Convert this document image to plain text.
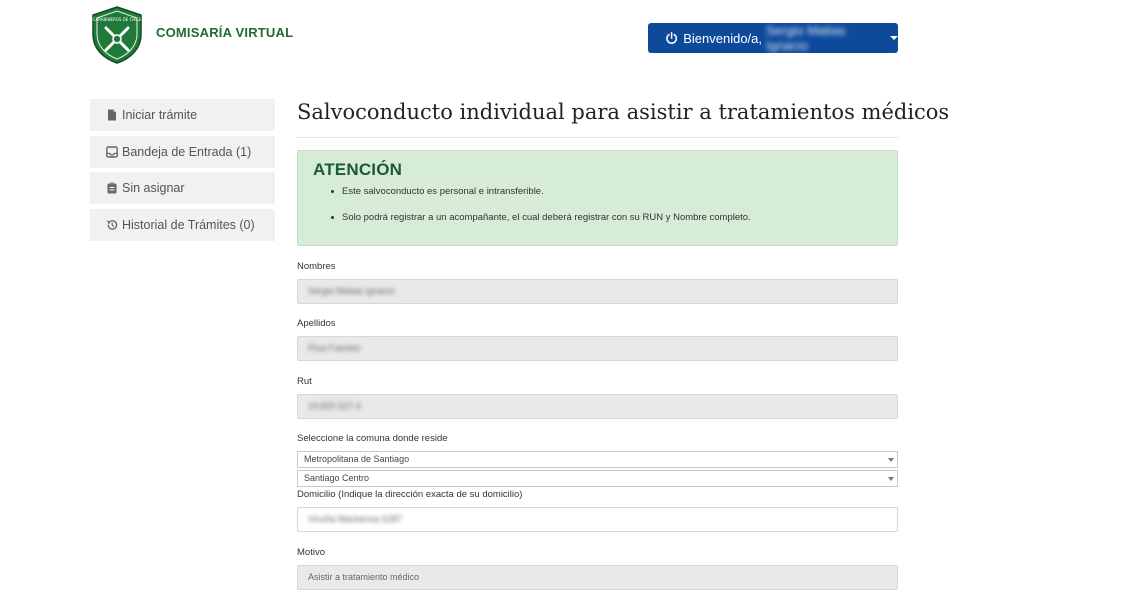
CARABINEROS DE CHILE
COMISARÍA VIRTUAL	Bienvenido/a, Sergio Matias Ignacio
Iniciar trámite
Bandeja de Entrada (1)
Sin asignar
Historial de Trámites (0)
Salvoconducto individual para asistir a tratamientos médicos
ATENCIÓN
Este salvoconducto es personal e intransferible.
Solo podrá registrar a un acompañante, el cual deberá registrar con su RUN y Nombre completo.
Nombres
Sergio Matias Ignacio
Apellidos
Pica Fuentes
Rut
19.820.527-4
Seleccione la comuna donde reside
Metropolitana de Santiago
Santiago Centro
Domicilio (Indique la dirección exacta de su domicilio)
Vicuña Mackenna 5287
Motivo
Asistir a tratamiento médico
